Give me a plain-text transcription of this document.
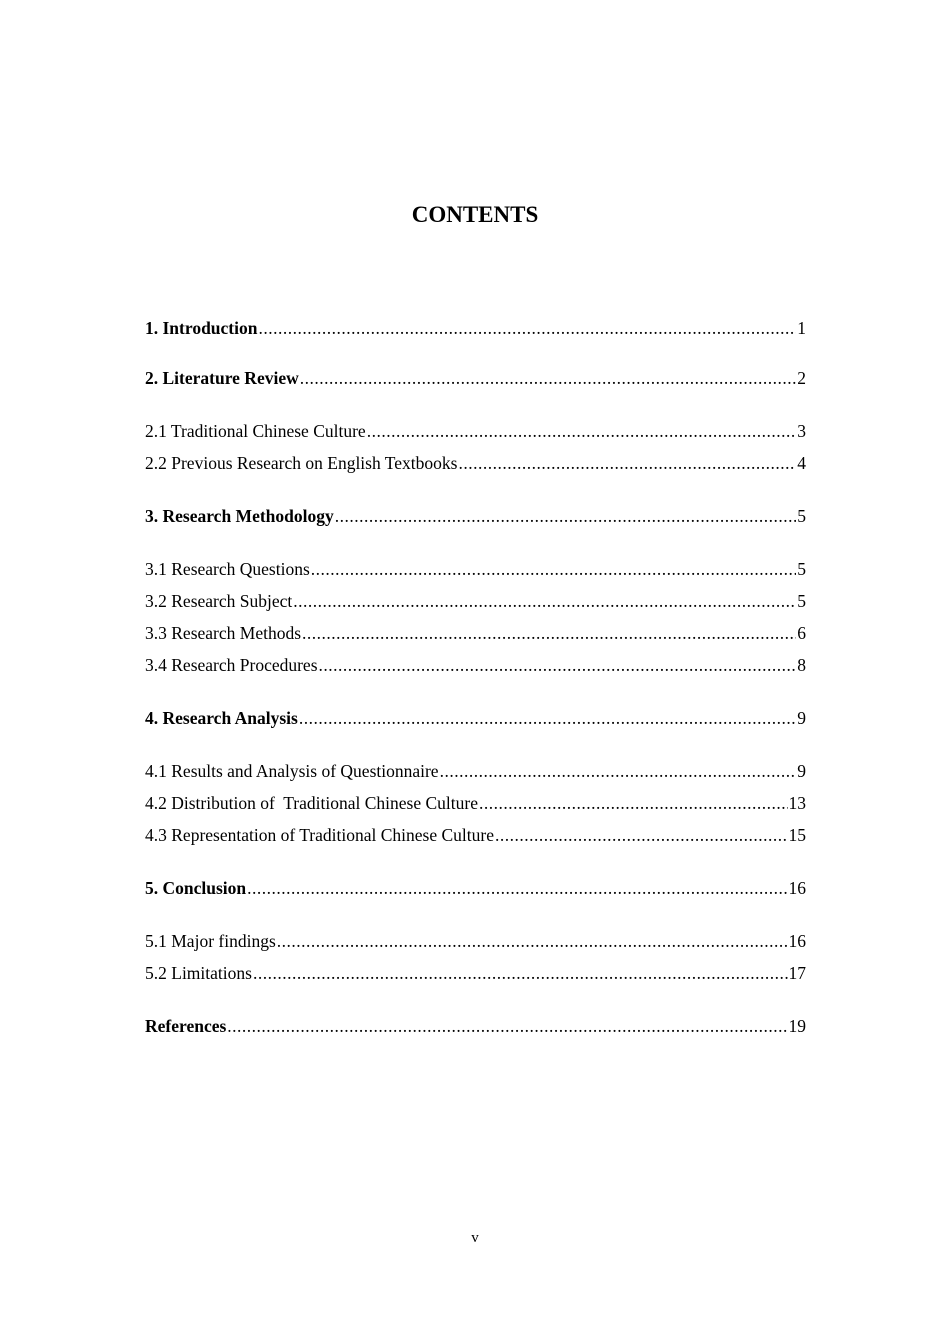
CONTENTS
1. Introduction .....	1
2. Literature Review .....	2
2.1 Traditional Chinese Culture .....	3
2.2 Previous Research on English Textbooks .....	4
3. Research Methodology .....	5
3.1 Research Questions .....	5
3.2 Research Subject .....	5
3.3 Research Methods .....	6
3.4 Research Procedures .....	8
4. Research Analysis .....	9
4.1 Results and Analysis of Questionnaire .....	9
4.2 Distribution of  Traditional Chinese Culture .....	13
4.3 Representation of Traditional Chinese Culture .....	15
5. Conclusion .....	16
5.1 Major findings .....	16
5.2 Limitations .....	17
References .....	19
v
